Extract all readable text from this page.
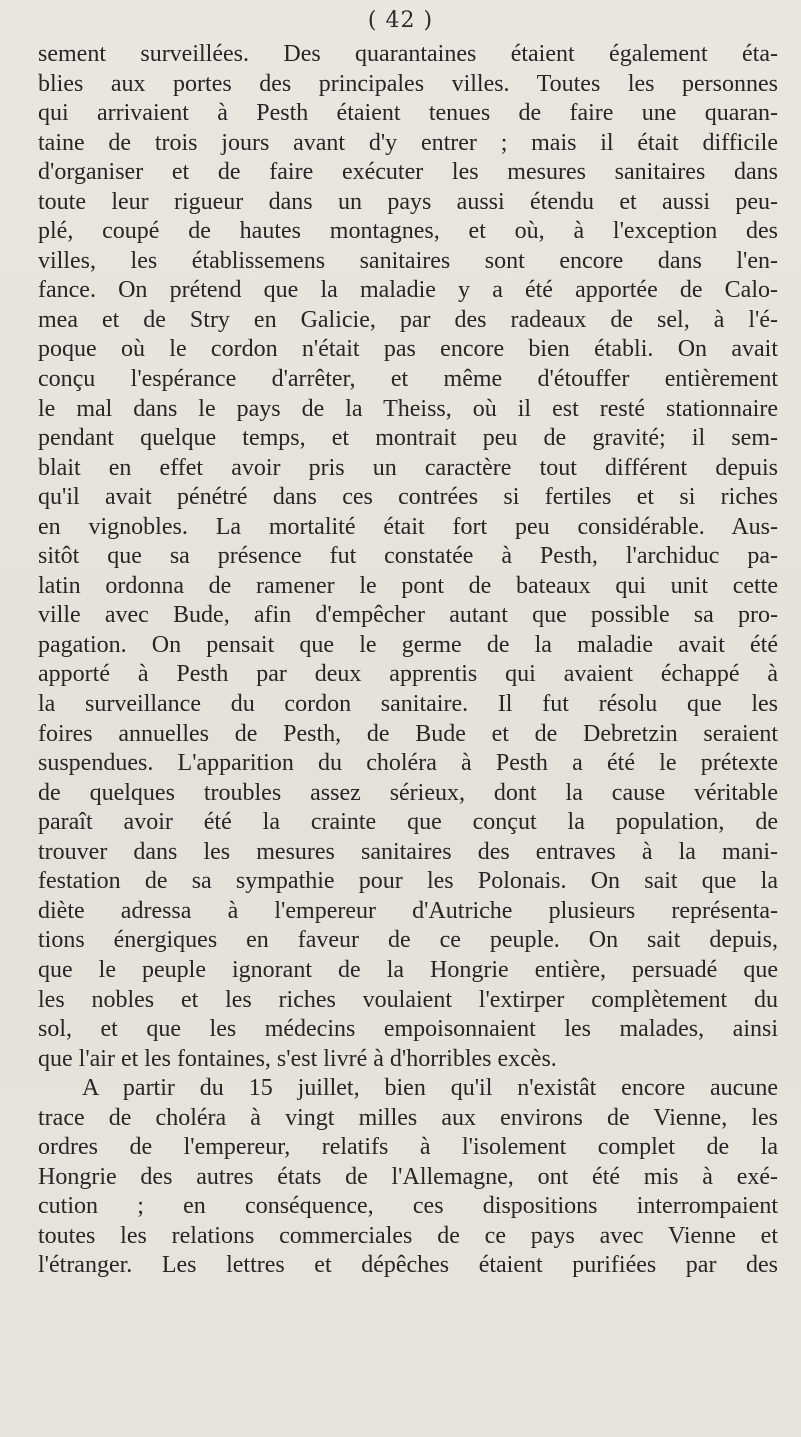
( 42 )
sement surveillées. Des quarantaines étaient également éta-
blies aux portes des principales villes. Toutes les personnes
qui arrivaient à Pesth étaient tenues de faire une quaran-
taine de trois jours avant d'y entrer ; mais il était difficile
d'organiser et de faire exécuter les mesures sanitaires dans
toute leur rigueur dans un pays aussi étendu et aussi peu-
plé, coupé de hautes montagnes, et où, à l'exception des
villes, les établissemens sanitaires sont encore dans l'en-
fance. On prétend que la maladie y a été apportée de Calo-
mea et de Stry en Galicie, par des radeaux de sel, à l'é-
poque où le cordon n'était pas encore bien établi. On avait
conçu l'espérance d'arrêter, et même d'étouffer entièrement
le mal dans le pays de la Theiss, où il est resté stationnaire
pendant quelque temps, et montrait peu de gravité; il sem-
blait en effet avoir pris un caractère tout différent depuis
qu'il avait pénétré dans ces contrées si fertiles et si riches
en vignobles. La mortalité était fort peu considérable. Aus-
sitôt que sa présence fut constatée à Pesth, l'archiduc pa-
latin ordonna de ramener le pont de bateaux qui unit cette
ville avec Bude, afin d'empêcher autant que possible sa pro-
pagation. On pensait que le germe de la maladie avait été
apporté à Pesth par deux apprentis qui avaient échappé à
la surveillance du cordon sanitaire. Il fut résolu que les
foires annuelles de Pesth, de Bude et de Debretzin seraient
suspendues. L'apparition du choléra à Pesth a été le prétexte
de quelques troubles assez sérieux, dont la cause véritable
paraît avoir été la crainte que conçut la population, de
trouver dans les mesures sanitaires des entraves à la mani-
festation de sa sympathie pour les Polonais. On sait que la
diète adressa à l'empereur d'Autriche plusieurs représenta-
tions énergiques en faveur de ce peuple. On sait depuis,
que le peuple ignorant de la Hongrie entière, persuadé que
les nobles et les riches voulaient l'extirper complètement du
sol, et que les médecins empoisonnaient les malades, ainsi
que l'air et les fontaines, s'est livré à d'horribles excès.
A partir du 15 juillet, bien qu'il n'existât encore aucune
trace de choléra à vingt milles aux environs de Vienne, les
ordres de l'empereur, relatifs à l'isolement complet de la
Hongrie des autres états de l'Allemagne, ont été mis à exé-
cution ; en conséquence, ces dispositions interrompaient
toutes les relations commerciales de ce pays avec Vienne et
l'étranger. Les lettres et dépêches étaient purifiées par des
